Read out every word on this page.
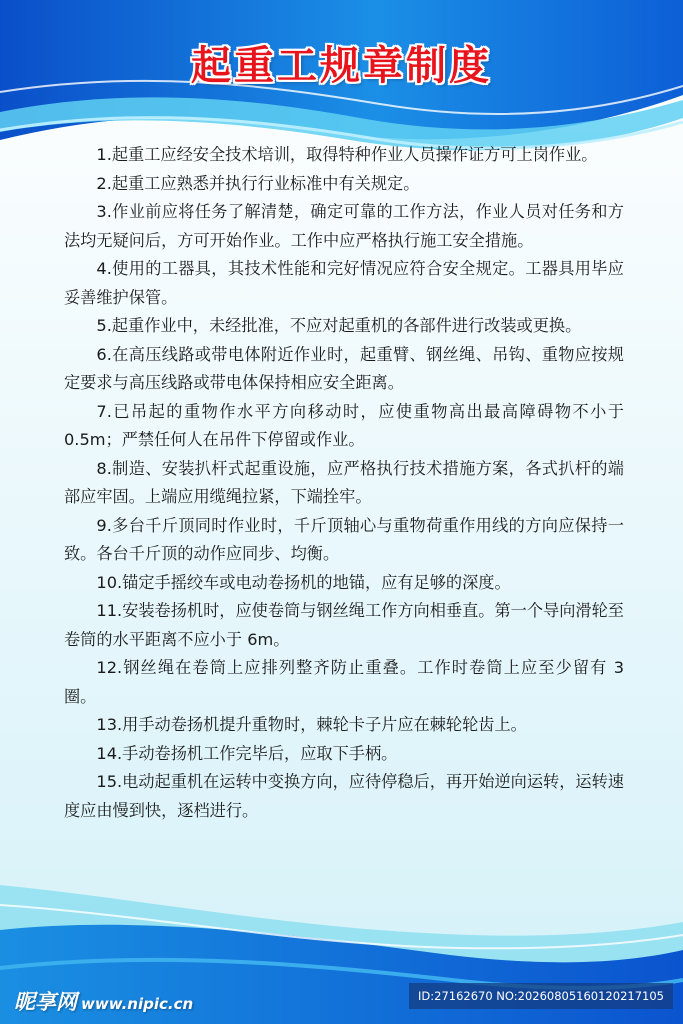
起重工规章制度
1.起重工应经安全技术培训，取得特种作业人员操作证方可上岗作业。
2.起重工应熟悉并执行行业标准中有关规定。
3.作业前应将任务了解清楚，确定可靠的工作方法，作业人员对任务和方法均无疑问后，方可开始作业。工作中应严格执行施工安全措施。
4.使用的工器具，其技术性能和完好情况应符合安全规定。工器具用毕应妥善维护保管。
5.起重作业中，未经批准，不应对起重机的各部件进行改装或更换。
6.在高压线路或带电体附近作业时，起重臂、钢丝绳、吊钩、重物应按规定要求与高压线路或带电体保持相应安全距离。
7.已吊起的重物作水平方向移动时，应使重物高出最高障碍物不小于 0.5m；严禁任何人在吊件下停留或作业。
8.制造、安装扒杆式起重设施，应严格执行技术措施方案，各式扒杆的端部应牢固。上端应用缆绳拉紧，下端拴牢。
9.多台千斤顶同时作业时，千斤顶轴心与重物荷重作用线的方向应保持一致。各台千斤顶的动作应同步、均衡。
10.锚定手摇绞车或电动卷扬机的地锚，应有足够的深度。
11.安装卷扬机时，应使卷筒与钢丝绳工作方向相垂直。第一个导向滑轮至卷筒的水平距离不应小于 6m。
12.钢丝绳在卷筒上应排列整齐防止重叠。工作时卷筒上应至少留有 3 圈。
13.用手动卷扬机提升重物时，棘轮卡子片应在棘轮轮齿上。
14.手动卷扬机工作完毕后，应取下手柄。
15.电动起重机在运转中变换方向，应待停稳后，再开始逆向运转，运转速度应由慢到快，逐档进行。
昵享网 www.nipic.cn	ID:27162670 NO:20260805160120217105
